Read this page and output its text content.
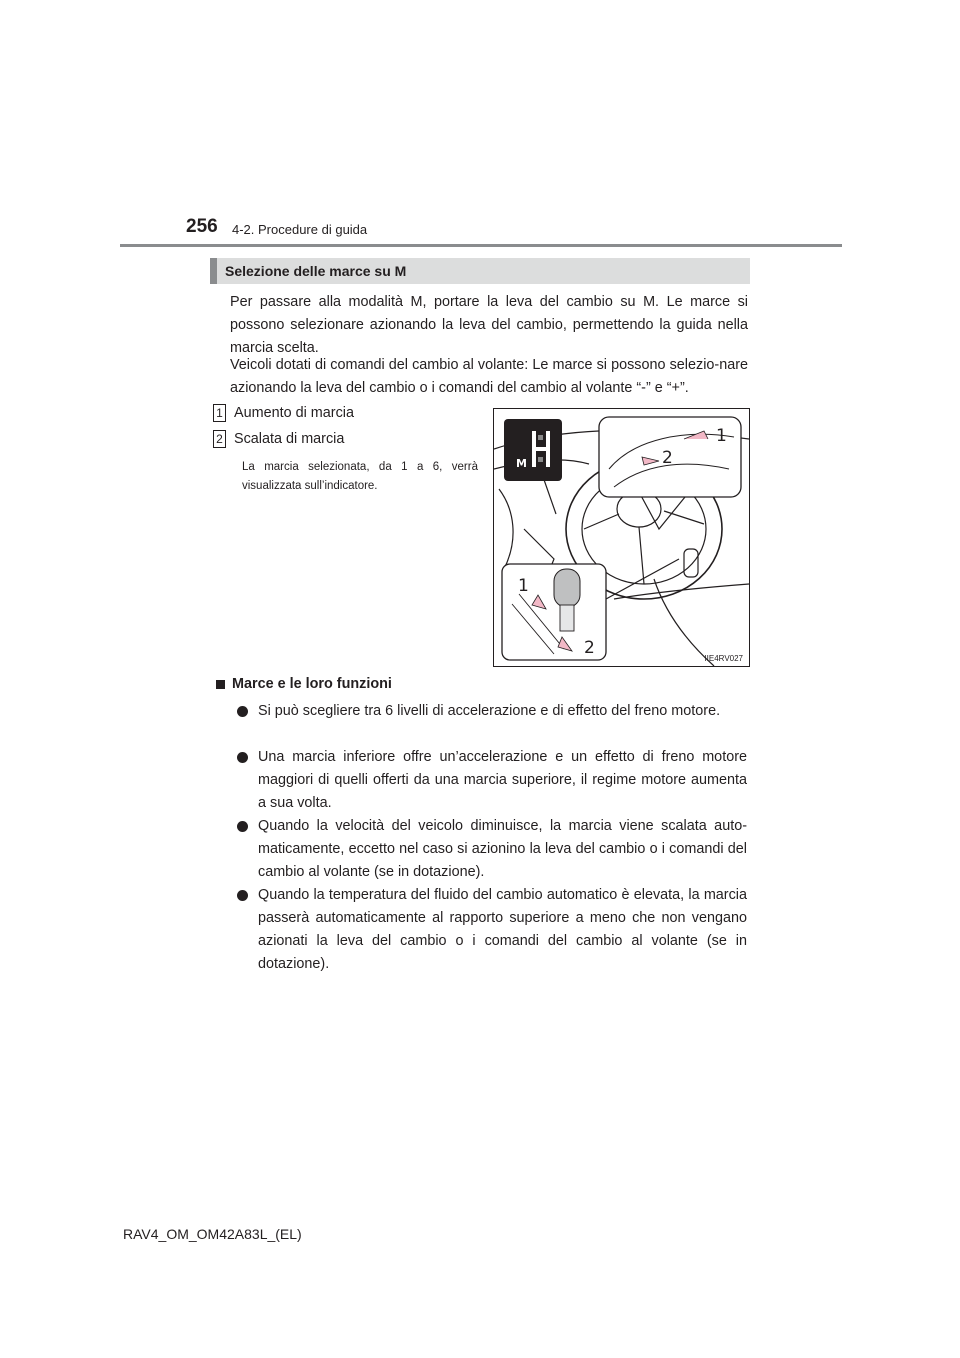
256 4-2. Procedure di guida
Selezione delle marce su M

Per passare alla modalità M, portare la leva del cambio su M. Le marce si possono selezionare azionando la leva del cambio, permettendo la guida nella marcia scelta.

Veicoli dotati di comandi del cambio al volante: Le marce si possono selezio-nare azionando la leva del cambio o i comandi del cambio al volante “-” e “+”.

1 Aumento di marcia
2 Scalata di marcia

La marcia selezionata, da 1 a 6, verrà visualizzata sull’indicatore.

M
1
2
1
2
IIE4RV027
Marce e le loro funzioni
Si può scegliere tra 6 livelli di accelerazione e di effetto del freno motore.
Una marcia inferiore offre un’accelerazione e un effetto di freno motore maggiori di quelli offerti da una marcia superiore, il regime motore aumenta a sua volta.
Quando la velocità del veicolo diminuisce, la marcia viene scalata auto-maticamente, eccetto nel caso si azionino la leva del cambio o i comandi del cambio al volante (se in dotazione).
Quando la temperatura del fluido del cambio automatico è elevata, la marcia passerà automaticamente al rapporto superiore a meno che non vengano azionati la leva del cambio o i comandi del cambio al volante (se in dotazione).
RAV4_OM_OM42A83L_(EL)
